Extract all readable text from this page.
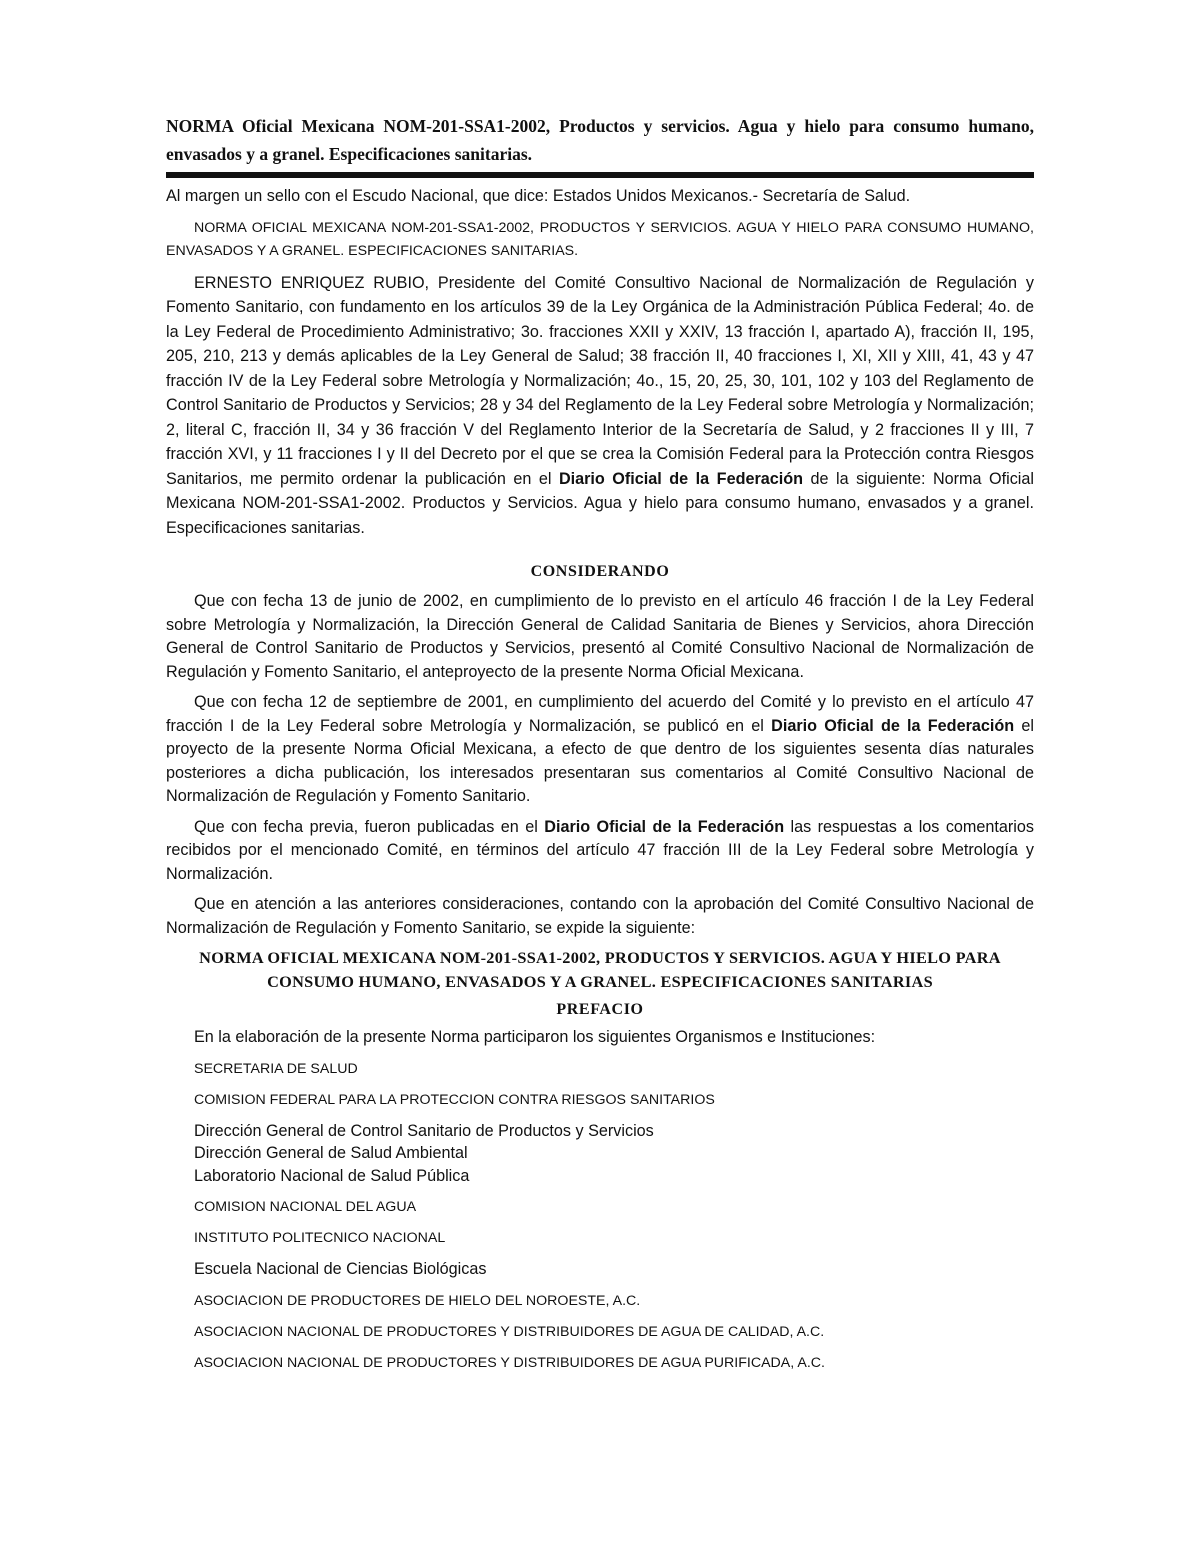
NORMA Oficial Mexicana NOM-201-SSA1-2002, Productos y servicios. Agua y hielo para consumo humano, envasados y a granel. Especificaciones sanitarias.

Al margen un sello con el Escudo Nacional, que dice: Estados Unidos Mexicanos.- Secretaría de Salud.

NORMA OFICIAL MEXICANA NOM-201-SSA1-2002, PRODUCTOS Y SERVICIOS. AGUA Y HIELO PARA CONSUMO HUMANO, ENVASADOS Y A GRANEL. ESPECIFICACIONES SANITARIAS.

ERNESTO ENRIQUEZ RUBIO, Presidente del Comité Consultivo Nacional de Normalización de Regulación y Fomento Sanitario, con fundamento en los artículos 39 de la Ley Orgánica de la Administración Pública Federal; 4o. de la Ley Federal de Procedimiento Administrativo; 3o. fracciones XXII y XXIV, 13 fracción I, apartado A), fracción II, 195, 205, 210, 213 y demás aplicables de la Ley General de Salud; 38 fracción II, 40 fracciones I, XI, XII y XIII, 41, 43 y 47 fracción IV de la Ley Federal sobre Metrología y Normalización; 4o., 15, 20, 25, 30, 101, 102 y 103 del Reglamento de Control Sanitario de Productos y Servicios; 28 y 34 del Reglamento de la Ley Federal sobre Metrología y Normalización; 2, literal C, fracción II, 34 y 36 fracción V del Reglamento Interior de la Secretaría de Salud, y 2 fracciones II y III, 7 fracción XVI, y 11 fracciones I y II del Decreto por el que se crea la Comisión Federal para la Protección contra Riesgos Sanitarios, me permito ordenar la publicación en el Diario Oficial de la Federación de la siguiente: Norma Oficial Mexicana NOM-201-SSA1-2002. Productos y Servicios. Agua y hielo para consumo humano, envasados y a granel. Especificaciones sanitarias.

CONSIDERANDO

Que con fecha 13 de junio de 2002, en cumplimiento de lo previsto en el artículo 46 fracción I de la Ley Federal sobre Metrología y Normalización, la Dirección General de Calidad Sanitaria de Bienes y Servicios, ahora Dirección General de Control Sanitario de Productos y Servicios, presentó al Comité Consultivo Nacional de Normalización de Regulación y Fomento Sanitario, el anteproyecto de la presente Norma Oficial Mexicana.

Que con fecha 12 de septiembre de 2001, en cumplimiento del acuerdo del Comité y lo previsto en el artículo 47 fracción I de la Ley Federal sobre Metrología y Normalización, se publicó en el Diario Oficial de la Federación el proyecto de la presente Norma Oficial Mexicana, a efecto de que dentro de los siguientes sesenta días naturales posteriores a dicha publicación, los interesados presentaran sus comentarios al Comité Consultivo Nacional de Normalización de Regulación y Fomento Sanitario.

Que con fecha previa, fueron publicadas en el Diario Oficial de la Federación las respuestas a los comentarios recibidos por el mencionado Comité, en términos del artículo 47 fracción III de la Ley Federal sobre Metrología y Normalización.

Que en atención a las anteriores consideraciones, contando con la aprobación del Comité Consultivo Nacional de Normalización de Regulación y Fomento Sanitario, se expide la siguiente:

NORMA OFICIAL MEXICANA NOM-201-SSA1-2002, PRODUCTOS Y SERVICIOS. AGUA Y HIELO PARA

CONSUMO HUMANO, ENVASADOS Y A GRANEL. ESPECIFICACIONES SANITARIAS

PREFACIO

En la elaboración de la presente Norma participaron los siguientes Organismos e Instituciones:

SECRETARIA DE SALUD

COMISION FEDERAL PARA LA PROTECCION CONTRA RIESGOS SANITARIOS

Dirección General de Control Sanitario de Productos y Servicios

Dirección General de Salud Ambiental

Laboratorio Nacional de Salud Pública

COMISION NACIONAL DEL AGUA

INSTITUTO POLITECNICO NACIONAL

Escuela Nacional de Ciencias Biológicas

ASOCIACION DE PRODUCTORES DE HIELO DEL NOROESTE, A.C.

ASOCIACION NACIONAL DE PRODUCTORES Y DISTRIBUIDORES DE AGUA DE CALIDAD, A.C.

ASOCIACION NACIONAL DE PRODUCTORES Y DISTRIBUIDORES DE AGUA PURIFICADA, A.C.
